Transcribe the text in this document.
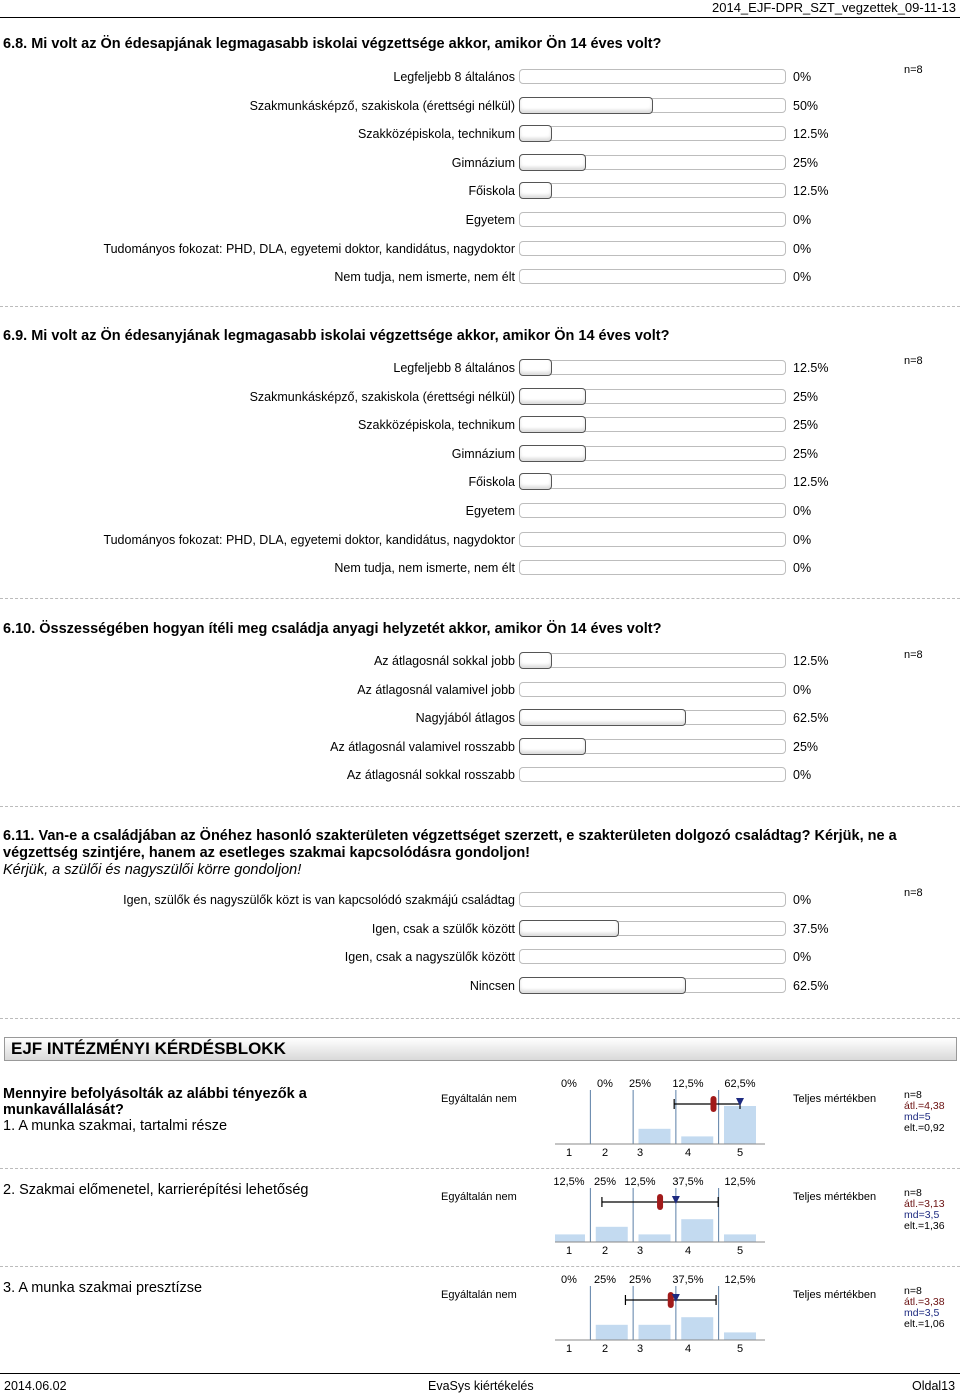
2014_EJF-DPR_SZT_vegzettek_09-11-13
6.8. Mi volt az Ön édesapjának legmagasabb iskolai végzettsége akkor, amikor Ön 14 éves volt?
n=8
Legfeljebb 8 általános	0%
Szakmunkásképző, szakiskola (érettségi nélkül)	50%
Szakközépiskola, technikum	12.5%
Gimnázium	25%
Főiskola	12.5%
Egyetem	0%
Tudományos fokozat: PHD, DLA, egyetemi doktor, kandidátus, nagydoktor	0%
Nem tudja, nem ismerte, nem élt	0%
6.9. Mi volt az Ön édesanyjának legmagasabb iskolai végzettsége akkor, amikor Ön 14 éves volt?
n=8
Legfeljebb 8 általános	12.5%
Szakmunkásképző, szakiskola (érettségi nélkül)	25%
Szakközépiskola, technikum	25%
Gimnázium	25%
Főiskola	12.5%
Egyetem	0%
Tudományos fokozat: PHD, DLA, egyetemi doktor, kandidátus, nagydoktor	0%
Nem tudja, nem ismerte, nem élt	0%
6.10. Összességében hogyan ítéli meg családja anyagi helyzetét akkor, amikor Ön 14 éves volt?
n=8
Az átlagosnál sokkal jobb	12.5%
Az átlagosnál valamivel jobb	0%
Nagyjából átlagos	62.5%
Az átlagosnál valamivel rosszabb	25%
Az átlagosnál sokkal rosszabb	0%
6.11. Van-e a családjában az Önéhez hasonló szakterületen végzettséget szerzett, e szakterületen dolgozó családtag? Kérjük, ne a végzettség szintjére, hanem az esetleges szakmai kapcsolódásra gondoljon!
Kérjük, a szülői és nagyszülői körre gondoljon!
n=8
Igen, szülők és nagyszülők közt is van kapcsolódó szakmájú családtag	0%
Igen, csak a szülők között	37.5%
Igen, csak a nagyszülők között	0%
Nincsen	62.5%
EJF INTÉZMÉNYI KÉRDÉSBLOKK
Mennyire befolyásolták az alábbi tényezők a munkavállalását?
1. A munka szakmai, tartalmi része
Egyáltalán nem	Teljes mértékben	n=8
átl.=4,38
md=5
elt.=0,92
0%	0%	25%	12,5%	62,5%
1	2	3	4	5
2. Szakmai előmenetel, karrierépítési lehetőség	Egyáltalán nem	Teljes mértékben	n=8
átl.=3,13
md=3,5
elt.=1,36
12,5% 25% 12,5%	37,5%	12,5%
1	2	3	4	5
3. A munka szakmai presztízse	Egyáltalán nem	Teljes mértékben	n=8
átl.=3,38
md=3,5
elt.=1,06
0%	25%	25%	37,5%	12,5%
1	2	3	4	5
2014.06.02	EvaSys kiértékelés	Oldal13
